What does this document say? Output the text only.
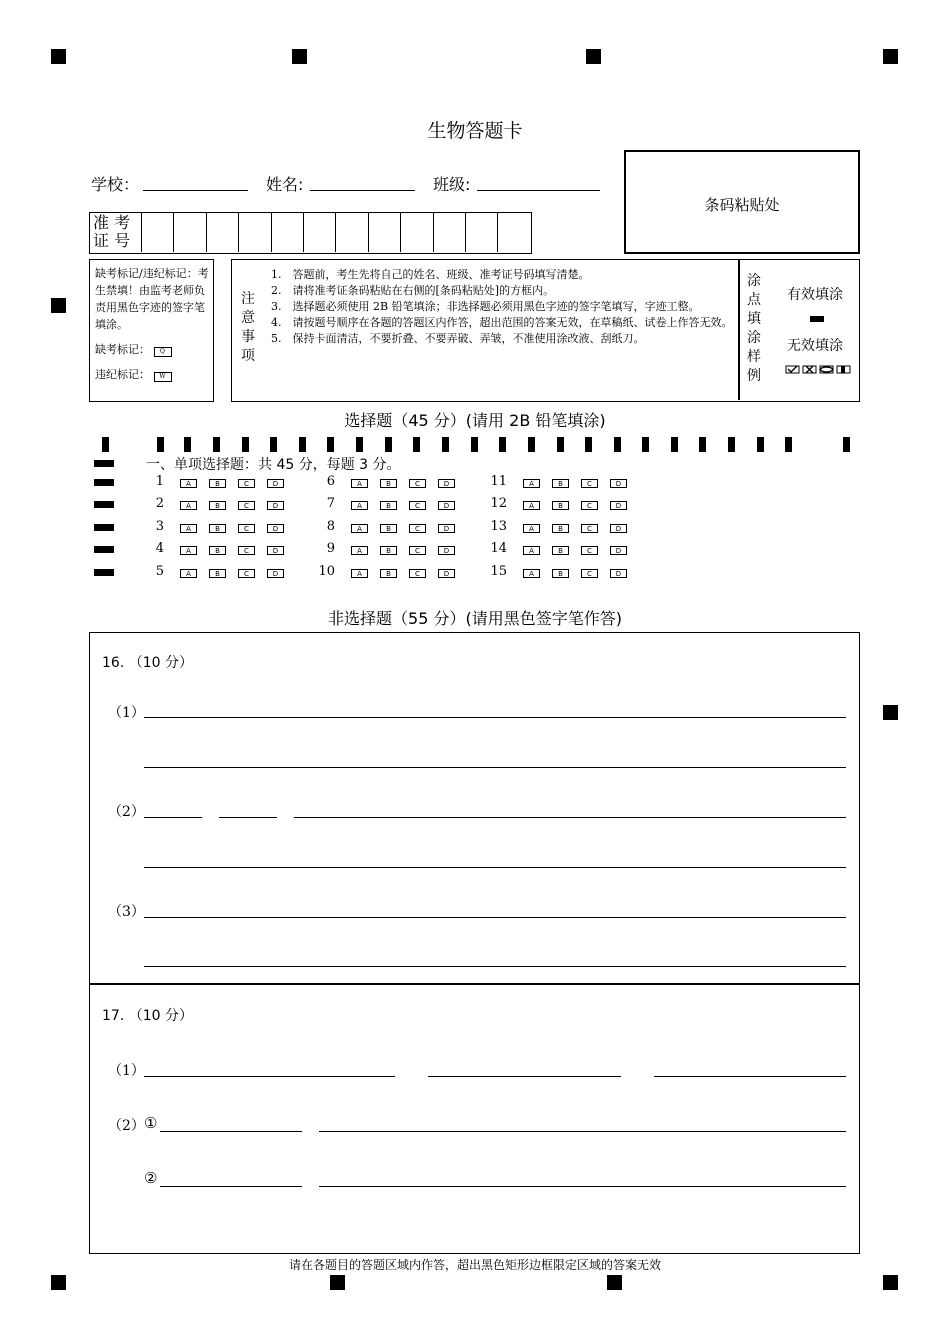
生物答题卡
学校：	姓名:	班级:
条码粘贴处
准 考
证 号
缺考标记/违纪标记：考生禁填！由监考老师负责用黑色字迹的签字笔填涂。
缺考标记： Q
违纪标记： W
注意事项
1.　答题前，考生先将自己的姓名、班级、准考证号码填写清楚。
2.　请将准考证条码粘贴在右侧的[条码粘贴处]的方框内。
3.　选择题必须使用 2B 铅笔填涂；非选择题必须用黑色字迹的签字笔填写，字迹工整。
4.　请按题号顺序在各题的答题区内作答，超出范围的答案无效，在草稿纸、试卷上作答无效。
5.　保持卡面清洁，不要折叠、不要弄破、弄皱，不准使用涂改液、刮纸刀。
涂点填涂样例
有效填涂
无效填涂
选择题（45 分）(请用 2B 铅笔填涂)
一、单项选择题：共 45 分，每题 3 分。
1	A	B	C	D
2	A	B	C	D
3	A	B	C	D
4	A	B	C	D
5	A	B	C	D
6	A	B	C	D
7	A	B	C	D
8	A	B	C	D
9	A	B	C	D
10	A	B	C	D
11	A	B	C	D
12	A	B	C	D
13	A	B	C	D
14	A	B	C	D
15	A	B	C	D
非选择题（55 分）(请用黑色签字笔作答)
16. （10 分）
（1）
（2）
（3）
17. （10 分）
（1）
（2） ①
②
请在各题目的答题区域内作答，超出黑色矩形边框限定区域的答案无效
